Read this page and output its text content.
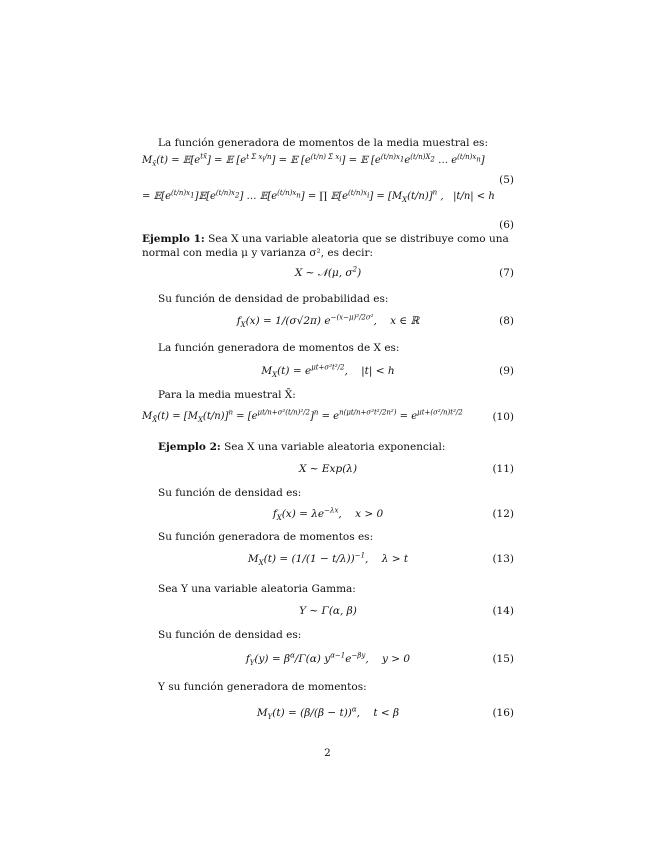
La función generadora de momentos de la media muestral es:
$M_{x̄}(t)$ = $𝔼[e^{tx̄}]$ = 𝔼 $[e^{t \Sigma x_i/n}]$ = 𝔼 $[e^{(t/n) \Sigma x_i}]$ = 𝔼 [$e^{(t/n)x_1}e^{(t/n)X_2}$ … $e^{(t/n)x_n}$]
(5)
= $𝔼[e^{(t/n)x_1}]𝔼[e^{(t/n)x_2}]$ … $𝔼[e^{(t/n)x_n}]$ = ∏ $𝔼[e^{(t/n)x_i}] = [M_X(t/n)]^n$ ,   |t/n| < h
(6)
Ejemplo 1: Sea X una variable aleatoria que se distribuye como una normal con media μ y varianza σ², es decir:
X ∼ 𝒩(μ, $\sigma^2$)	(7)
Su función de densidad de probabilidad es:
$f_X(x) = 1/(\sigma√2\pi)$ $e^{-(x-\mu)^2/2\sigma^2}$,    x ∈ ℝ	(8)
La función generadora de momentos de X es:
$M_X(t) = e^{\mu t+\sigma^2t^2/2}$,    |t| < h	(9)
Para la media muestral X̄:
$M_{X̄}(t) = [M_X(t/n)]^n = [e^{\mu t/n+\sigma^2(t/n)^2/2}]^n = e^{n(\mu t/n+\sigma^2t^2/2n^2)} = e^{\mu t+(\sigma^2/n)t^2/2}$	(10)
Ejemplo 2: Sea X una variable aleatoria exponencial:
X ∼ Exp(λ)	(11)
Su función de densidad es:
$f_X(x) = \lambda e^{-\lambda x}$,    x > 0	(12)
Su función generadora de momentos es:
$M_X(t) = (1/(1 - t/\lambda))^{-1}$,    λ > t	(13)
Sea Y una variable aleatoria Gamma:
Y ∼ Γ(α, β)	(14)
Su función de densidad es:
$f_Y(y) = \beta^\alpha/\Gamma(\alpha)$ $y^{\alpha-1}e^{-\beta y}$,    y > 0	(15)
Y su función generadora de momentos:
$M_Y(t) = (\beta/(\beta - t))^\alpha$,    t < β	(16)
2
